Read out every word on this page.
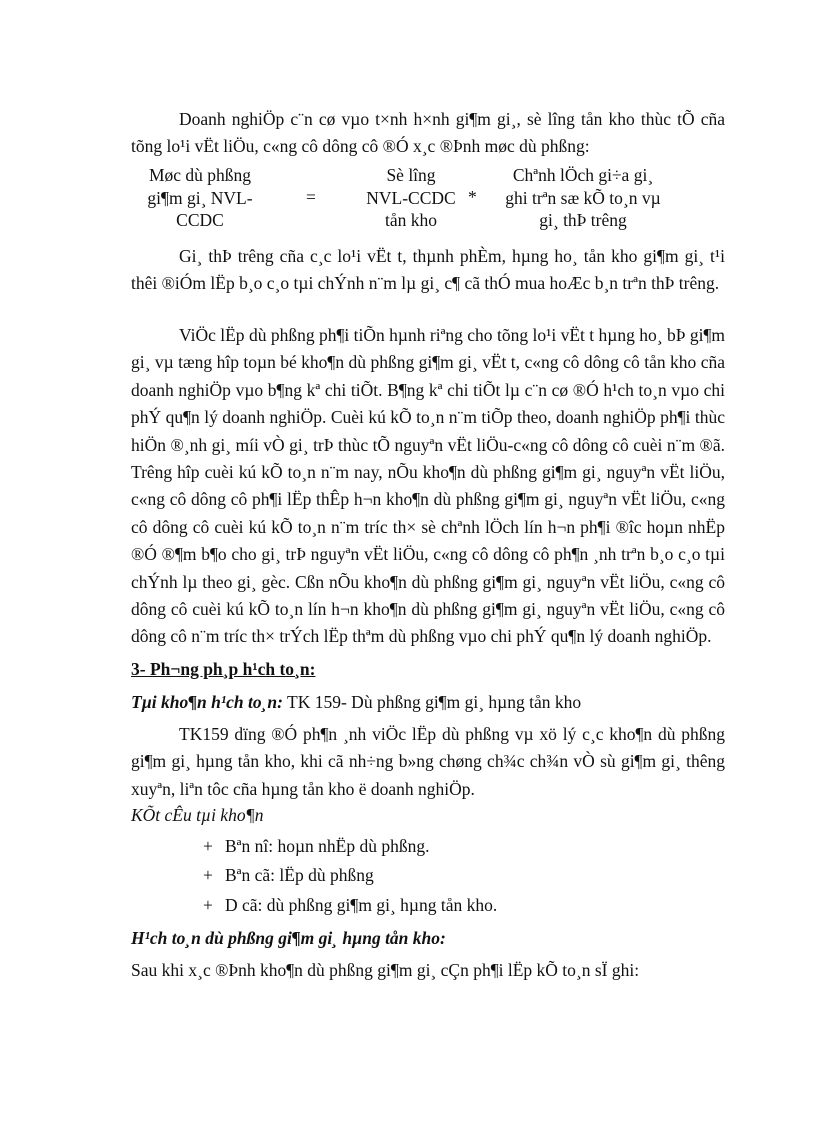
Doanh nghiÖp c¨n cø vµo t×nh h×nh gi¶m gi¸, sè lîng tån kho thùc tÕ cña tõng lo¹i vËt liÖu, c«ng cô dông cô ®Ó x¸c ®Þnh møc dù phßng:

Møc dù phßng
gi¶m gi¸ NVL-
CCDC
=
Sè lîng
NVL-CCDC
tån kho
*
Chªnh lÖch gi÷a gi¸
ghi trªn sæ kÕ to¸n vµ
gi¸ thÞ trêng

Gi¸ thÞ trêng cña c¸c lo¹i vËt t, thµnh phÈm, hµng ho¸ tån kho gi¶m gi¸ t¹i thêi ®iÓm lËp b¸o c¸o tµi chÝnh n¨m lµ gi¸ c¶ cã thÓ mua hoÆc b¸n trªn thÞ trêng.

ViÖc lËp dù phßng ph¶i tiÕn hµnh riªng cho tõng lo¹i vËt t hµng ho¸ bÞ gi¶m gi¸ vµ tæng hîp toµn bé kho¶n dù phßng gi¶m gi¸ vËt t, c«ng cô dông cô tån kho cña doanh nghiÖp vµo b¶ng kª chi tiÕt. B¶ng kª chi tiÕt lµ c¨n cø ®Ó h¹ch to¸n vµo chi phÝ qu¶n lý doanh nghiÖp. Cuèi kú kÕ to¸n n¨m tiÕp theo, doanh nghiÖp ph¶i thùc hiÖn ®¸nh gi¸ míi vÒ gi¸ trÞ thùc tÕ nguyªn vËt liÖu-c«ng cô dông cô cuèi n¨m ®ã. Trêng hîp cuèi kú kÕ to¸n n¨m nay, nÕu kho¶n dù phßng gi¶m gi¸ nguyªn vËt liÖu, c«ng cô dông cô ph¶i lËp thÊp h¬n kho¶n dù phßng gi¶m gi¸ nguyªn vËt liÖu, c«ng cô dông cô cuèi kú kÕ to¸n n¨m tríc th× sè chªnh lÖch lín h¬n ph¶i ®îc hoµn nhËp ®Ó ®¶m b¶o cho gi¸ trÞ nguyªn vËt liÖu, c«ng cô dông cô ph¶n ¸nh trªn b¸o c¸o tµi chÝnh lµ theo gi¸ gèc. Cßn nÕu kho¶n dù phßng gi¶m gi¸ nguyªn vËt liÖu, c«ng cô dông cô cuèi kú kÕ to¸n lín h¬n kho¶n dù phßng gi¶m gi¸ nguyªn vËt liÖu, c«ng cô dông cô n¨m tríc th× trÝch lËp thªm dù phßng vµo chi phÝ qu¶n lý doanh nghiÖp.

3- Ph¬ng ph¸p h¹ch to¸n:

Tµi kho¶n h¹ch to¸n: TK 159- Dù phßng gi¶m gi¸ hµng tån kho

TK159 dïng ®Ó ph¶n ¸nh viÖc lËp dù phßng vµ xö lý c¸c kho¶n dù phßng gi¶m gi¸ hµng tån kho, khi cã nh÷ng b»ng chøng ch¾c ch¾n vÒ sù gi¶m gi¸ thêng xuyªn, liªn tôc cña hµng tån kho ë doanh nghiÖp.

KÕt cÊu tµi kho¶n

+ Bªn nî: hoµn nhËp dù phßng.

+ Bªn cã: lËp dù phßng

+ D cã: dù phßng gi¶m gi¸ hµng tån kho.

H¹ch to¸n dù phßng gi¶m gi¸ hµng tån kho:

Sau khi x¸c ®Þnh kho¶n dù phßng gi¶m gi¸ cÇn ph¶i lËp kÕ to¸n sÏ ghi:
